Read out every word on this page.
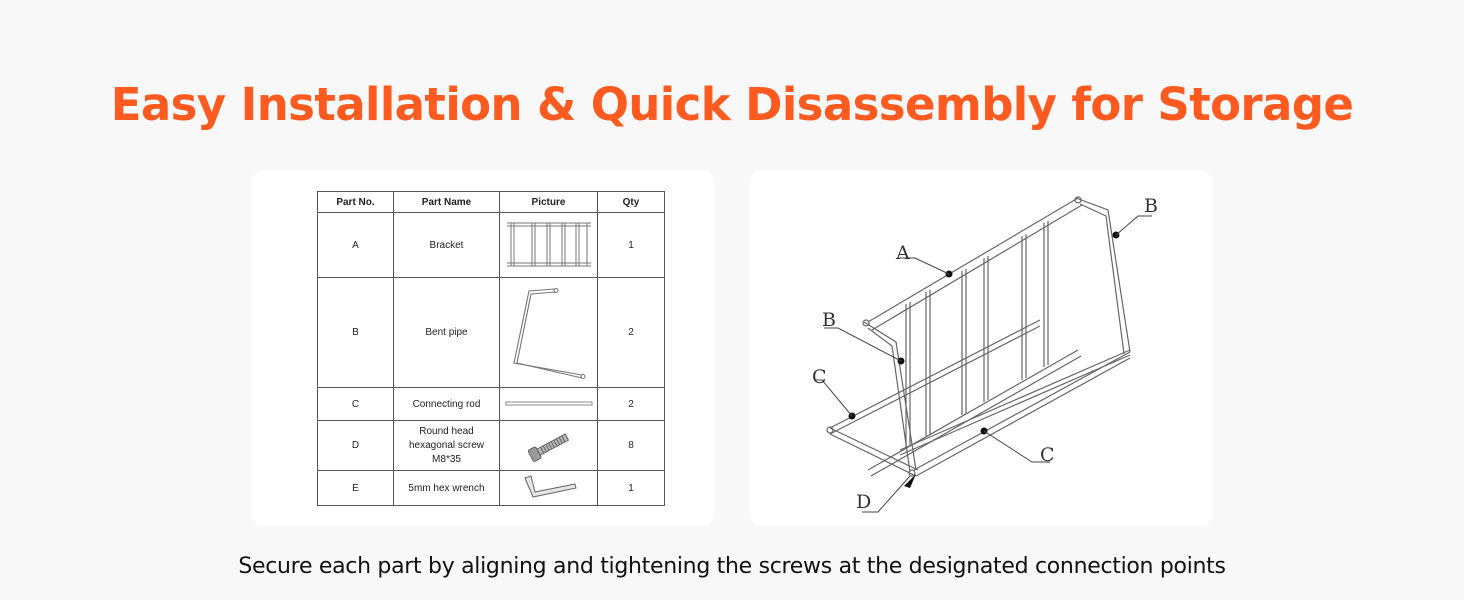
Easy Installation & Quick Disassembly for Storage
Part No.	Part Name	Picture	Qty
A	Bracket		1
B	Bent pipe		2
C	Connecting rod		2
D	Round head
hexagonal screw
M8*35		8
E	5mm hex wrench		1
A
B
B
C
C
D

Secure each part by aligning and tightening the screws at the designated connection points
